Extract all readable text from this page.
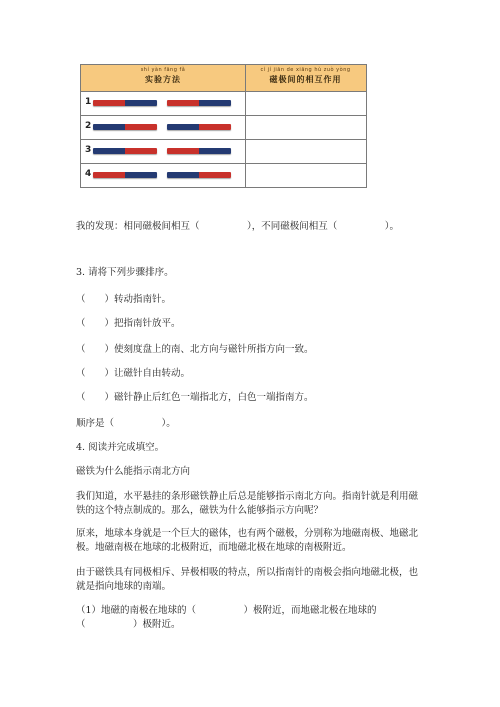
shí yàn fāng fǎ
实验方法
cí jí jiān de xiāng hù zuò yòng
磁极间的相互作用
1
2
3
4
我的发现：相同磁极间相互（　　　　　），不同磁极间相互（　　　　　）。
3. 请将下列步骤排序。
（　　）转动指南针。
（　　）把指南针放平。
（　　）使刻度盘上的南、北方向与磁针所指方向一致。
（　　）让磁针自由转动。
（　　）磁针静止后红色一端指北方，白色一端指南方。
顺序是（　　　　　）。
4. 阅读并完成填空。
磁铁为什么能指示南北方向
我们知道，水平悬挂的条形磁铁静止后总是能够指示南北方向。指南针就是利用磁铁的这个特点制成的。那么，磁铁为什么能够指示方向呢？
原来，地球本身就是一个巨大的磁体，也有两个磁极，分别称为地磁南极、地磁北极。地磁南极在地球的北极附近，而地磁北极在地球的南极附近。
由于磁铁具有同极相斥、异极相吸的特点，所以指南针的南极会指向地磁北极，也就是指向地球的南端。
（1）地磁的南极在地球的（　　　　　）极附近，而地磁北极在地球的（　　　　　）极附近。
